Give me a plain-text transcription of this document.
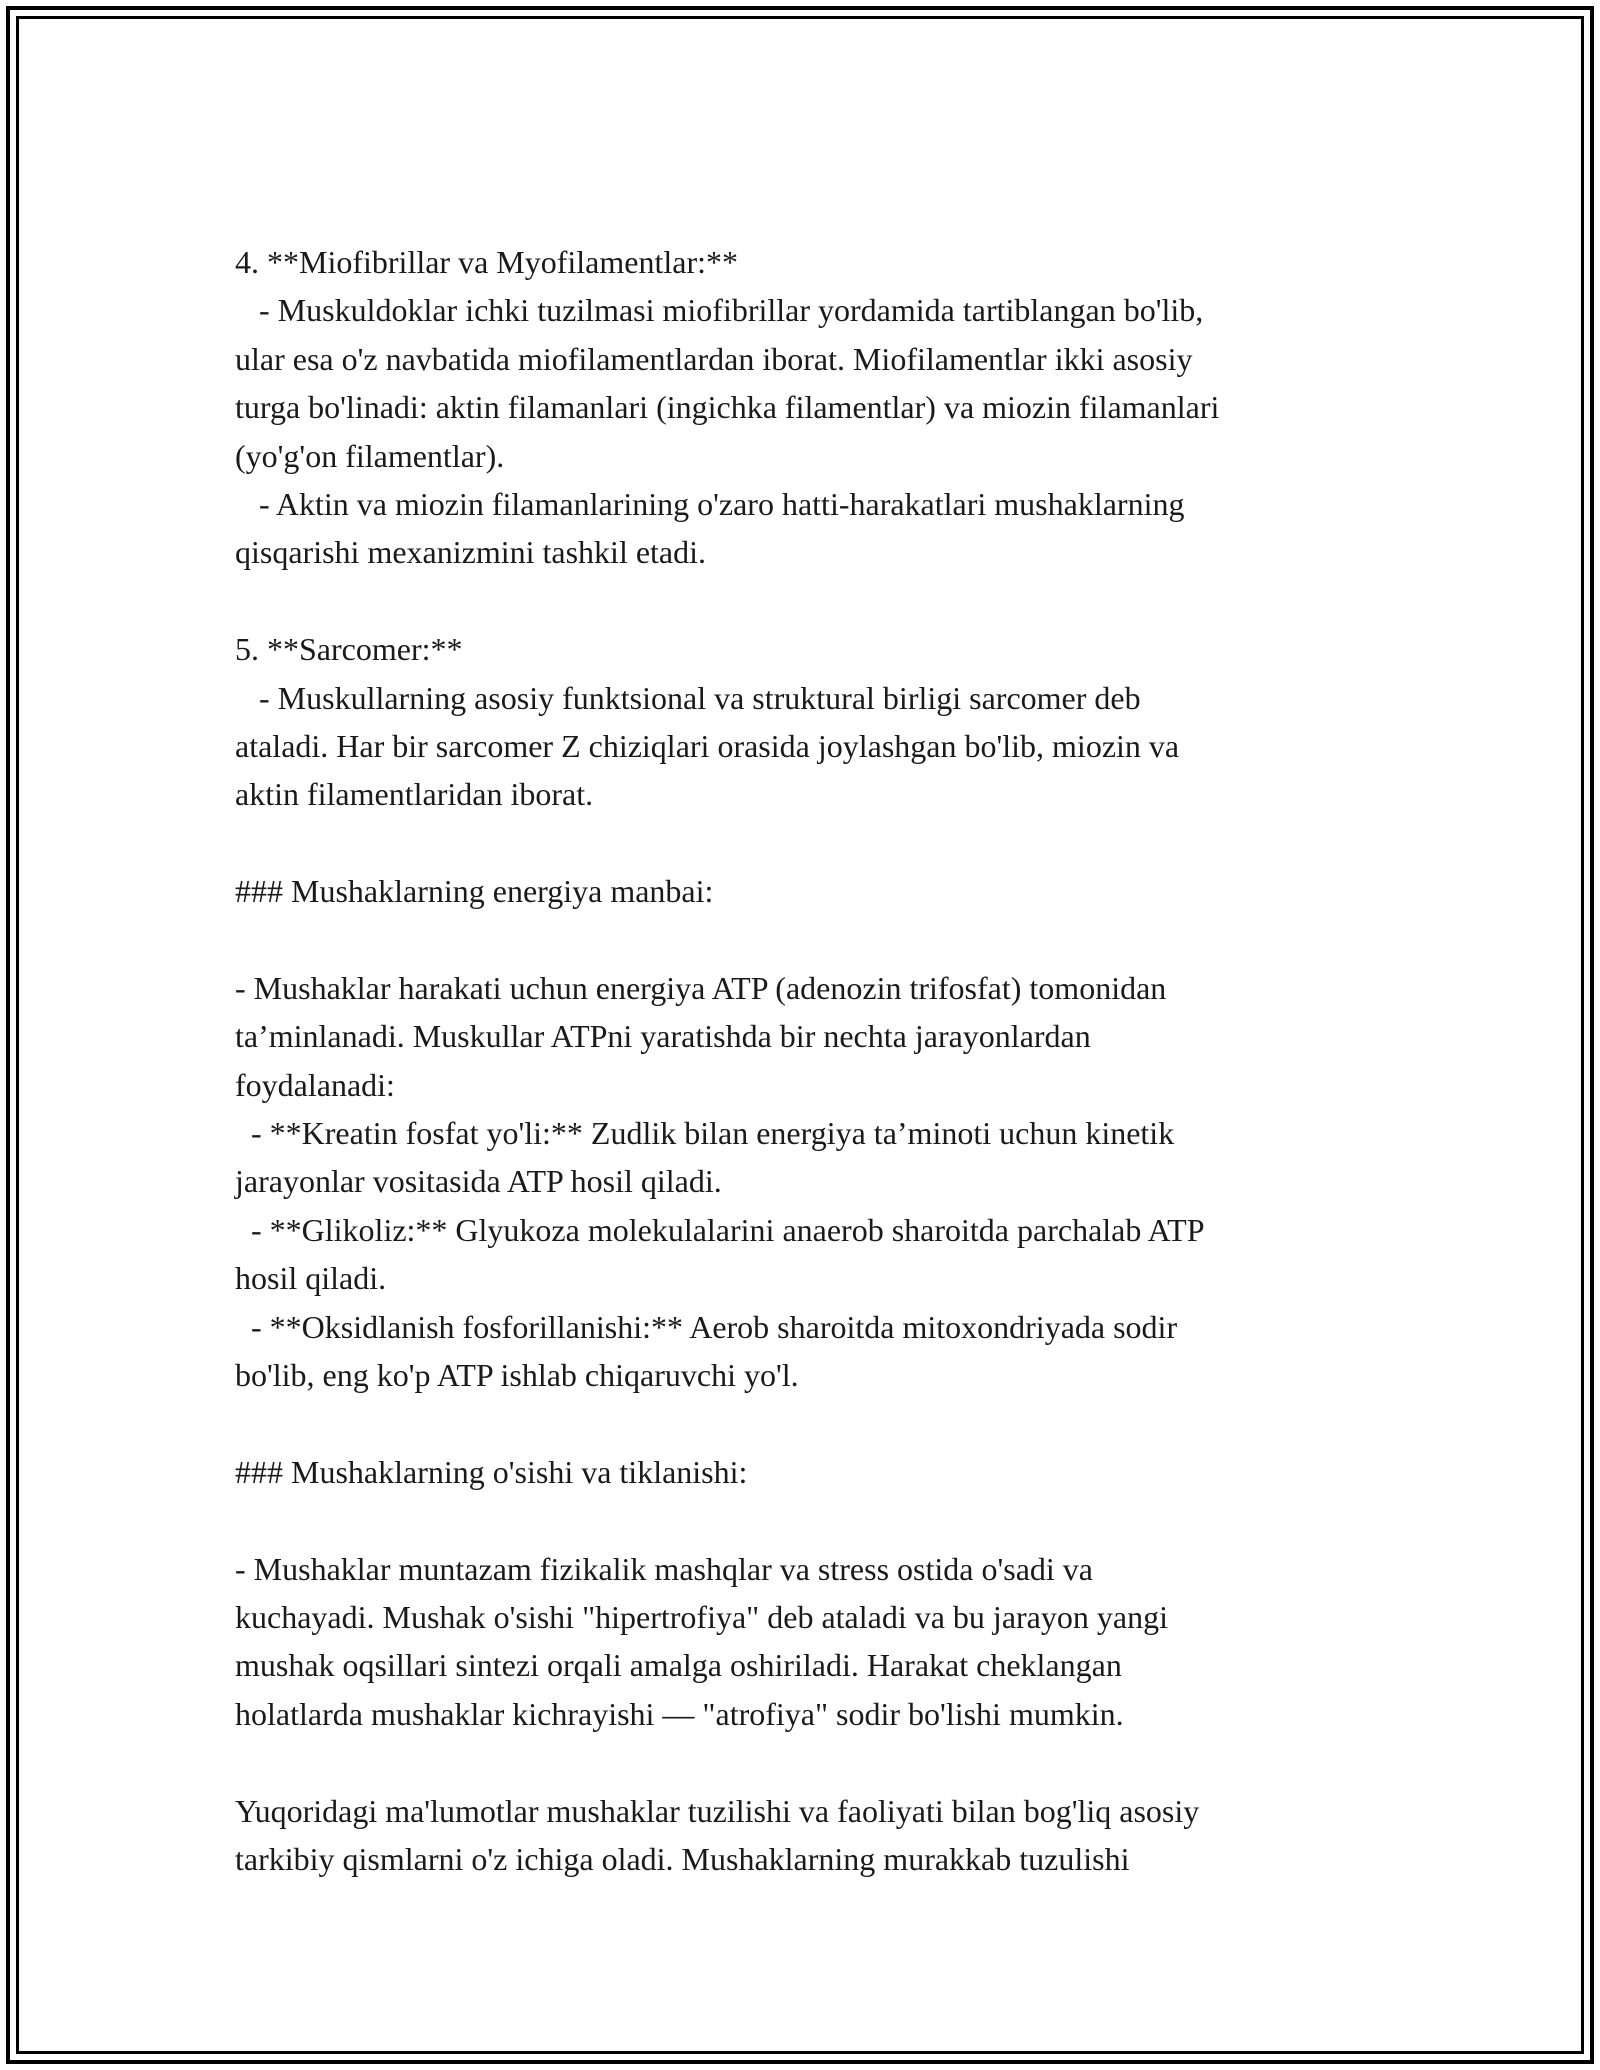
4. **Miofibrillar va Myofilamentlar:**
- Muskuldoklar ichki tuzilmasi miofibrillar yordamida tartiblangan bo'lib,
ular esa o'z navbatida miofilamentlardan iborat. Miofilamentlar ikki asosiy
turga bo'linadi: aktin filamanlari (ingichka filamentlar) va miozin filamanlari
(yo'g'on filamentlar).
- Aktin va miozin filamanlarining o'zaro hatti-harakatlari mushaklarning
qisqarishi mexanizmini tashkil etadi.
5. **Sarcomer:**
- Muskullarning asosiy funktsional va struktural birligi sarcomer deb
ataladi. Har bir sarcomer Z chiziqlari orasida joylashgan bo'lib, miozin va
aktin filamentlaridan iborat.
### Mushaklarning energiya manbai:
- Mushaklar harakati uchun energiya ATP (adenozin trifosfat) tomonidan
ta’minlanadi. Muskullar ATPni yaratishda bir nechta jarayonlardan
foydalanadi:
- **Kreatin fosfat yo'li:** Zudlik bilan energiya ta’minoti uchun kinetik
jarayonlar vositasida ATP hosil qiladi.
- **Glikoliz:** Glyukoza molekulalarini anaerob sharoitda parchalab ATP
hosil qiladi.
- **Oksidlanish fosforillanishi:** Aerob sharoitda mitoxondriyada sodir
bo'lib, eng ko'p ATP ishlab chiqaruvchi yo'l.
### Mushaklarning o'sishi va tiklanishi:
- Mushaklar muntazam fizikalik mashqlar va stress ostida o'sadi va
kuchayadi. Mushak o'sishi "hipertrofiya" deb ataladi va bu jarayon yangi
mushak oqsillari sintezi orqali amalga oshiriladi. Harakat cheklangan
holatlarda mushaklar kichrayishi — "atrofiya" sodir bo'lishi mumkin.
Yuqoridagi ma'lumotlar mushaklar tuzilishi va faoliyati bilan bog'liq asosiy
tarkibiy qismlarni o'z ichiga oladi. Mushaklarning murakkab tuzulishi
